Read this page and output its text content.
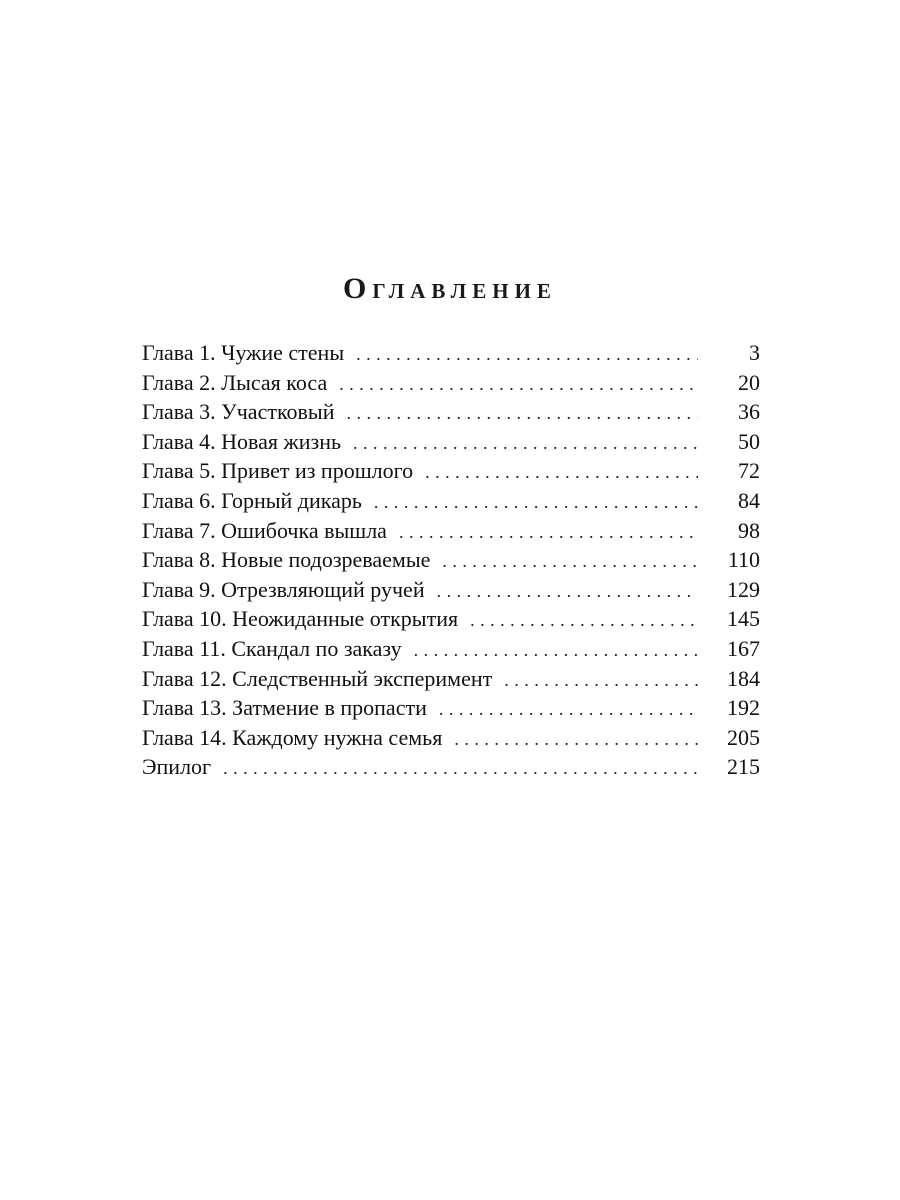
Оглавление
Глава 1. Чужие стены . . .	3
Глава 2. Лысая коса . . .	20
Глава 3. Участковый . . .	36
Глава 4. Новая жизнь . . .	50
Глава 5. Привет из прошлого . . .	72
Глава 6. Горный дикарь . . .	84
Глава 7. Ошибочка вышла . . .	98
Глава 8. Новые подозреваемые . . .	110
Глава 9. Отрезвляющий ручей . . .	129
Глава 10. Неожиданные открытия . . .	145
Глава 11. Скандал по заказу . . .	167
Глава 12. Следственный эксперимент . . .	184
Глава 13. Затмение в пропасти . . .	192
Глава 14. Каждому нужна семья . . .	205
Эпилог . . .	215
